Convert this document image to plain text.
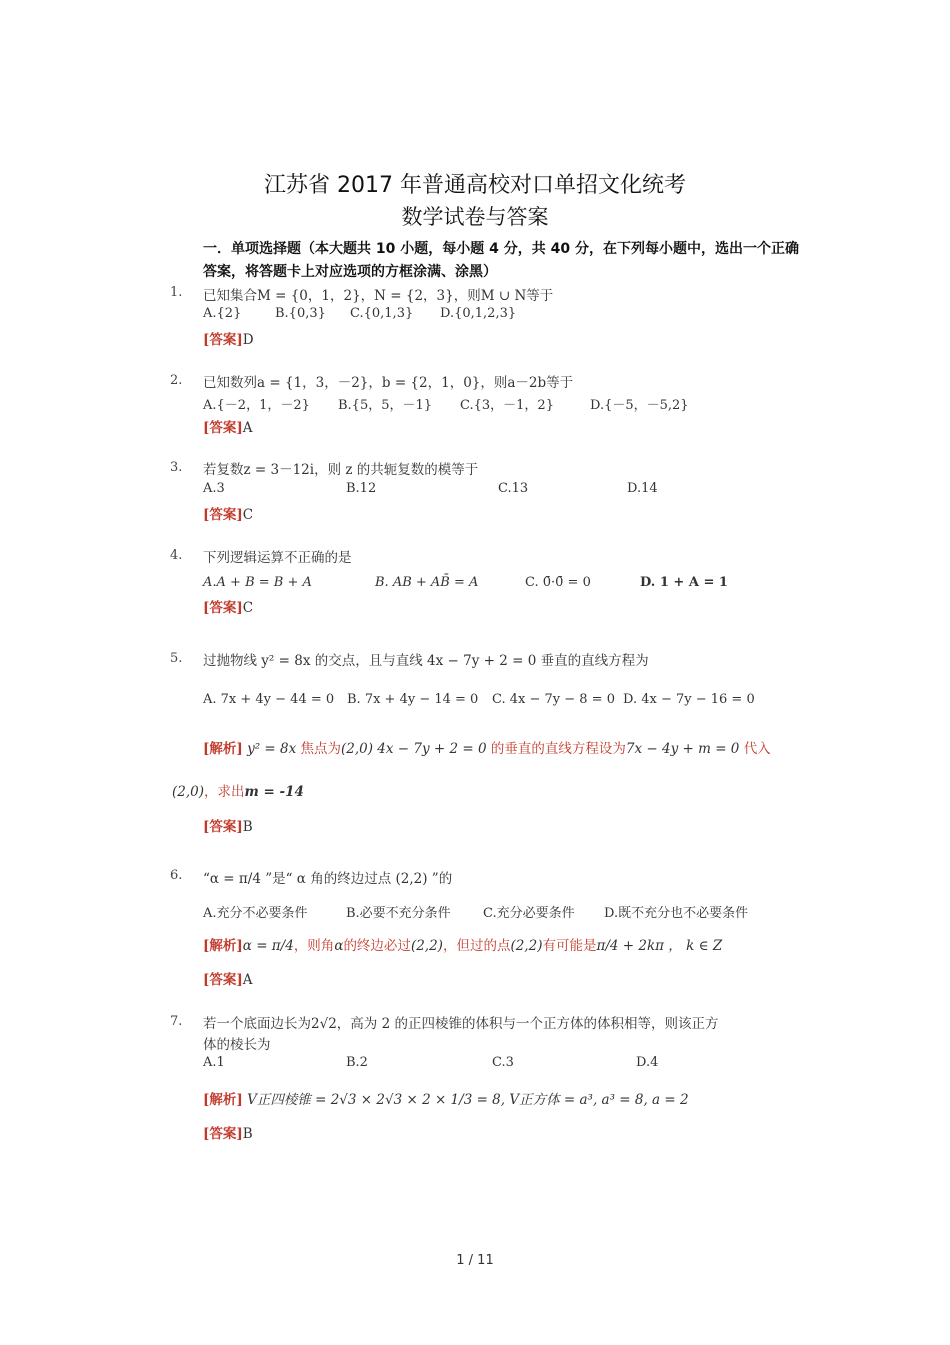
江苏省 2017 年普通高校对口单招文化统考
数学试卷与答案
一．单项选择题（本大题共 10 小题，每小题 4 分，共 40 分，在下列每小题中，选出一个正确答案，将答题卡上对应选项的方框涂满、涂黑）
1. 已知集合M = {0，1，2}，N = {2，3}，则M ∪ N等于
A.{2}	B.{0,3} C.{0,1,3} D.{0,1,2,3}
[答案]D
2. 已知数列a = {1，3，－2}，b = {2，1，0}，则a－2b等于
A.{－2，1，－2} B.{5，5，－1} C.{3，－1，2}	D.{－5，－5,2}
[答案]A
3. 若复数z = 3－12i，则 z 的共轭复数的模等于
A.3	B.12	C.13	D.14
[答案]C
4. 下列逻辑运算不正确的是
A.A + B = B + A	B. AB + AB̄ = A	C. 0̄·0̄ = 0	D. 1 + A = 1
[答案]C
5. 过抛物线 y² = 8x 的交点，且与直线 4x − 7y + 2 = 0 垂直的直线方程为
A. 7x + 4y − 44 = 0 B. 7x + 4y − 14 = 0 C. 4x − 7y − 8 = 0 D. 4x − 7y − 16 = 0
[解析] y² = 8x 焦点为(2,0) 4x − 7y + 2 = 0 的垂直的直线方程设为7x − 4y + m = 0 代入
(2,0)，求出m = -14
[答案]B
6. “α = π/4 ”是“ α 角的终边过点 (2,2) ”的
A.充分不必要条件	B.必要不充分条件 C.充分必要条件 D.既不充分也不必要条件
[解析]α = π/4，则角α的终边必过(2,2)，但过的点(2,2)有可能是π/4 + 2kπ ， k ∈ Z
[答案]A
7. 若一个底面边长为2√2，高为 2 的正四棱锥的体积与一个正方体的体积相等，则该正方
体的棱长为
A.1	B.2	C.3	D.4
[解析] V正四棱锥 = 2√3 × 2√3 × 2 × 1/3 = 8, V正方体 = a³, a³ = 8, a = 2
[答案]B
1 / 11
